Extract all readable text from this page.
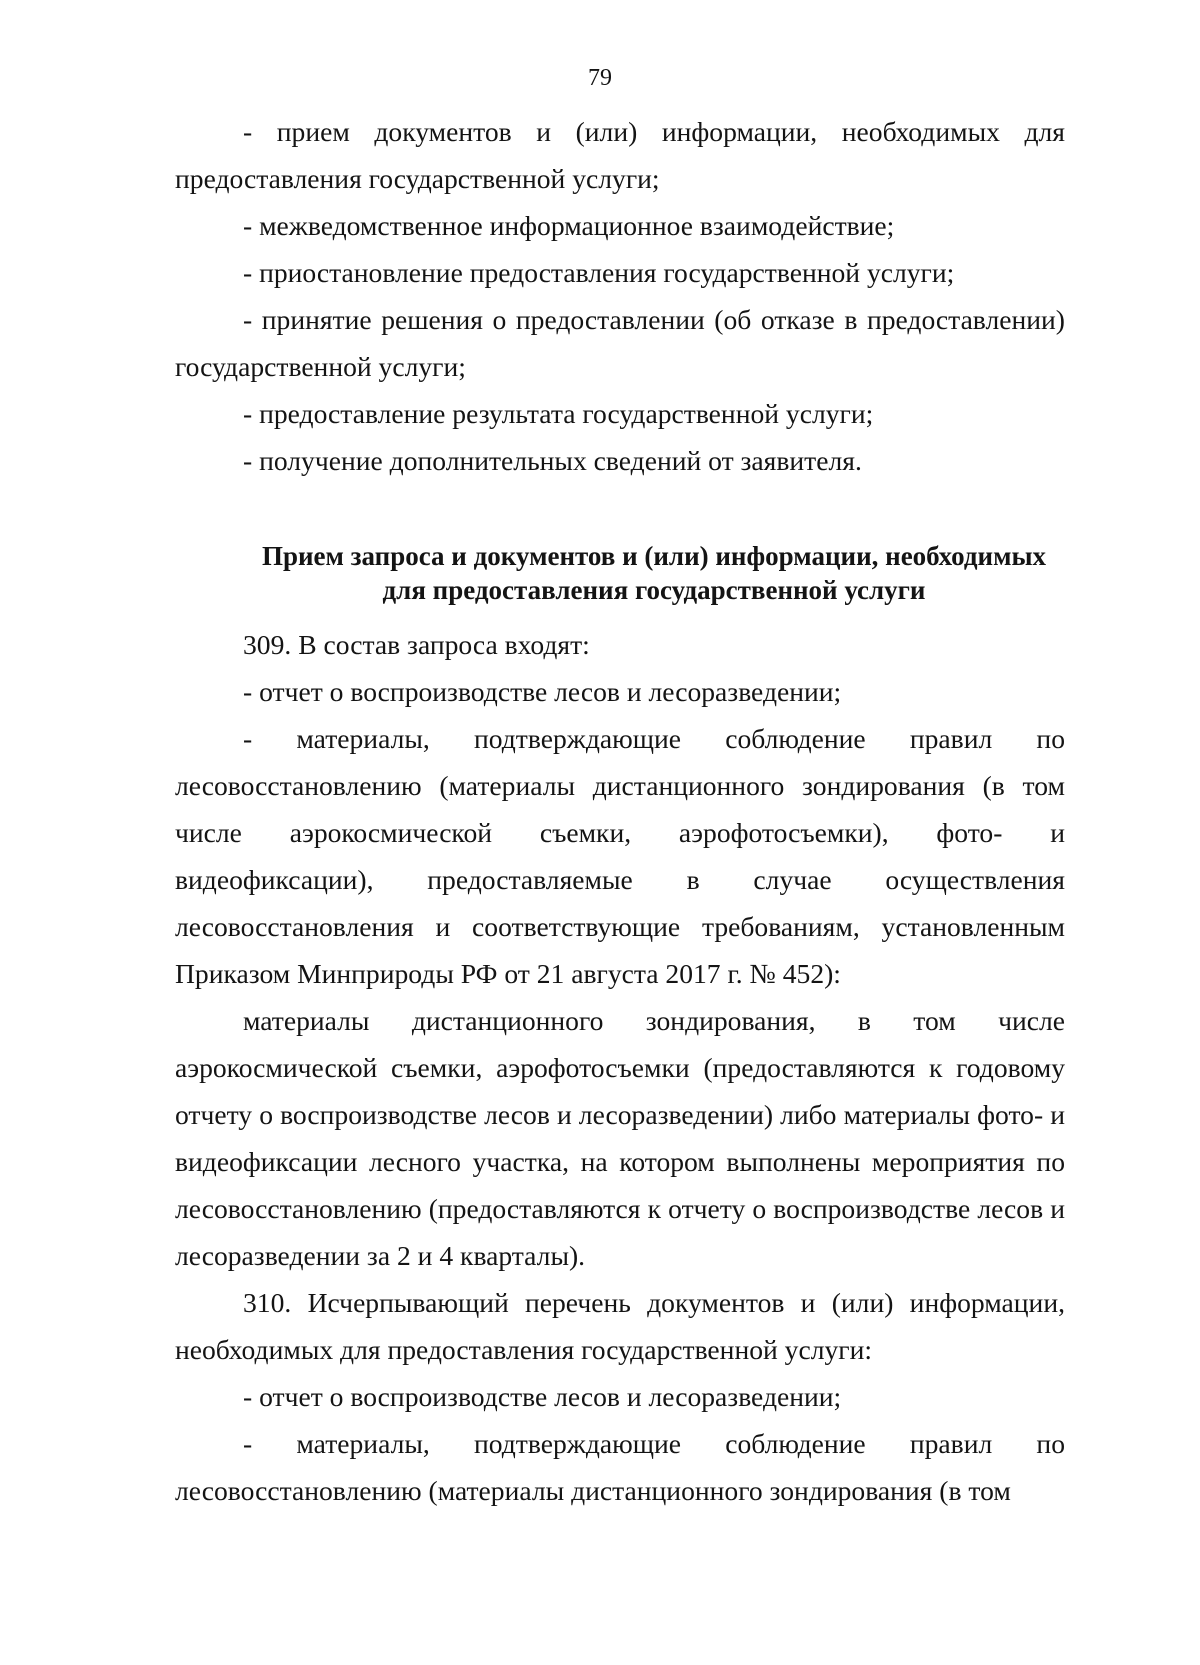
79

- прием документов и (или) информации, необходимых для предоставления государственной услуги;

- межведомственное информационное взаимодействие;

- приостановление предоставления государственной услуги;

- принятие решения о предоставлении (об отказе в предоставлении) государственной услуги;

- предоставление результата государственной услуги;

- получение дополнительных сведений от заявителя.

Прием запроса и документов и (или) информации, необходимых
для предоставления государственной услуги

309. В состав запроса входят:

- отчет о воспроизводстве лесов и лесоразведении;

- материалы, подтверждающие соблюдение правил по лесовосстановлению (материалы дистанционного зондирования (в том числе аэрокосмической съемки, аэрофотосъемки), фото- и видеофиксации), предоставляемые в случае осуществления лесовосстановления и соответствующие требованиям, установленным Приказом Минприроды РФ от 21 августа 2017 г. № 452):

материалы дистанционного зондирования, в том числе аэрокосмической съемки, аэрофотосъемки (предоставляются к годовому отчету о воспроизводстве лесов и лесоразведении) либо материалы фото- и видеофиксации лесного участка, на котором выполнены мероприятия по лесовосстановлению (предоставляются к отчету о воспроизводстве лесов и лесоразведении за 2 и 4 кварталы).

310. Исчерпывающий перечень документов и (или) информации, необходимых для предоставления государственной услуги:

- отчет о воспроизводстве лесов и лесоразведении;

- материалы, подтверждающие соблюдение правил по лесовосстановлению (материалы дистанционного зондирования (в том
